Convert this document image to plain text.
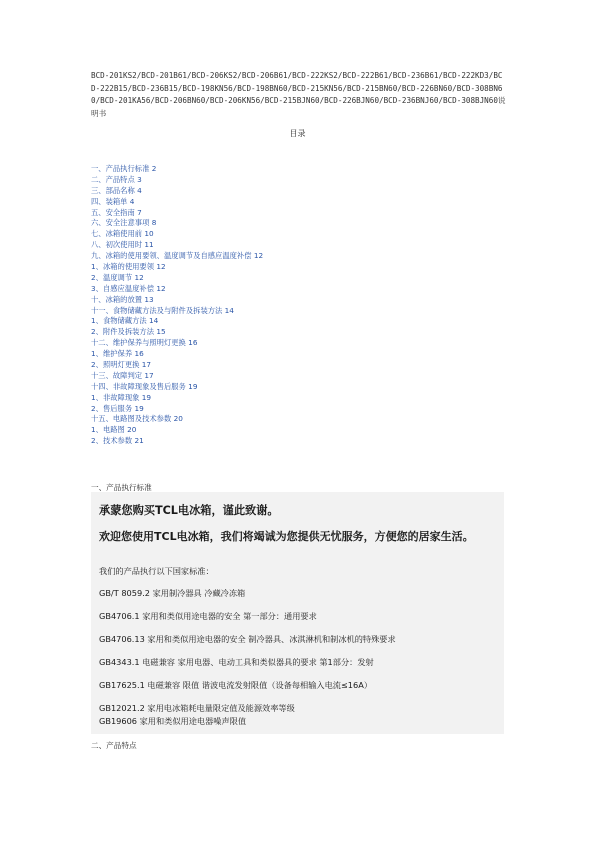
BCD-201KS2/BCD-201B61/BCD-206KS2/BCD-206B61/BCD-222KS2/BCD-222B61/BCD-236B61/BCD-222KD3/BCD-222B15/BCD-236B15/BCD-198KN56/BCD-198BN60/BCD-215KN56/BCD-215BN60/BCD-226BN60/BCD-308BN60/BCD-201KA56/BCD-206BN60/BCD-206KN56/BCD-215BJN60/BCD-226BJN60/BCD-236BNJ60/BCD-308BJN60说明书

目录
一、产品执行标准 2
二、产品特点 3
三、部品名称 4
四、装箱单 4
五、安全指南 7
六、安全注意事项 8
七、冰箱使用前 10
八、初次使用时 11
九、冰箱的使用要领、温度调节及自感应温度补偿 12
1、冰箱的使用要领 12
2、温度调节 12
3、自感应温度补偿 12
十、冰箱的放置 13
十一、食物储藏方法及与附件及拆装方法 14
1、食物储藏方法 14
2、附件及拆装方法 15
十二、维护保养与照明灯更换 16
1、维护保养 16
2、照明灯更换 17
十三、故障判定 17
十四、非故障现象及售后服务 19
1、非故障现象 19
2、售后服务 19
十五、电路图及技术参数 20
1、电路图 20
2、技术参数 21
一、产品执行标准
承蒙您购买TCL电冰箱，谨此致谢。
欢迎您使用TCL电冰箱，我们将竭诚为您提供无忧服务，方便您的居家生活。
我们的产品执行以下国家标准：
GB/T 8059.2 家用制冷器具 冷藏冷冻箱
GB4706.1 家用和类似用途电器的安全 第一部分：通用要求
GB4706.13 家用和类似用途电器的安全 制冷器具、冰淇淋机和制冰机的特殊要求
GB4343.1 电磁兼容 家用电器、电动工具和类似器具的要求 第1部分：发射
GB17625.1 电磁兼容 限值 谐波电流发射限值（设备每相输入电流≤16A）
GB12021.2 家用电冰箱耗电量限定值及能源效率等级
GB19606 家用和类似用途电器噪声限值
二、产品特点
